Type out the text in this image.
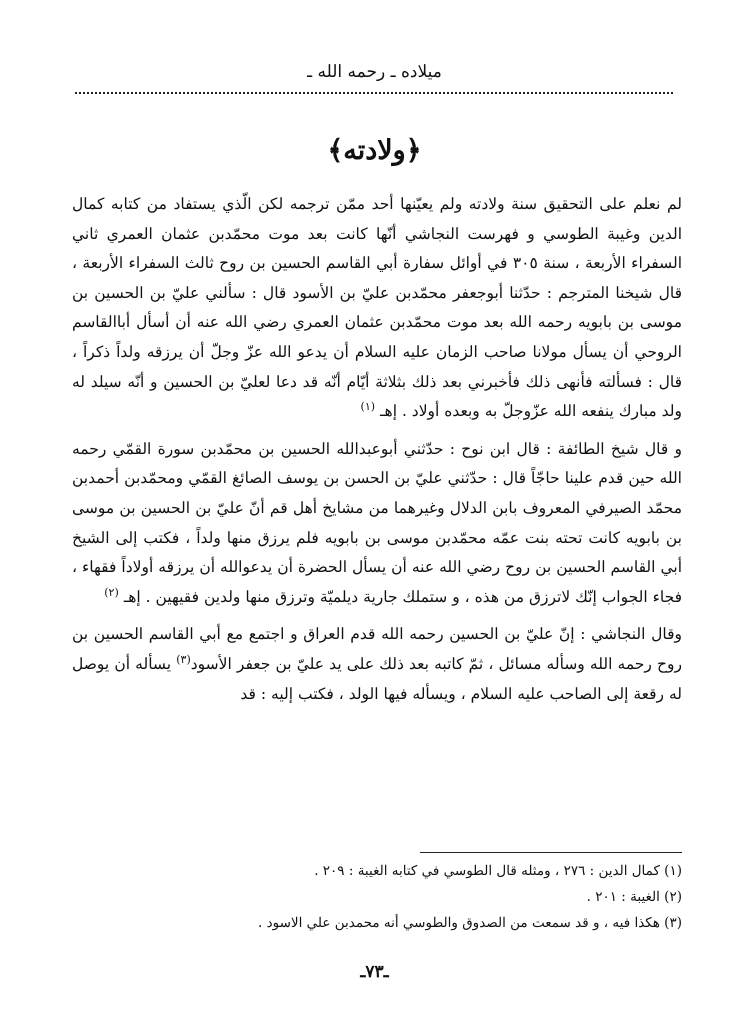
ميلاده ـ رحمه الله ـ
﴿ولادته﴾

لم نعلم على التحقيق سنة ولادته ولم يعيّنها أحد ممّن ترجمه لكن الّذي يستفاد من كتابه كمال الدين وغيبة الطوسي و فهرست النجاشي أنّها كانت بعد موت محمّدبن عثمان العمري ثاني السفراء الأربعة ، سنة ٣٠٥ في أوائل سفارة أبي القاسم الحسين بن روح ثالث السفراء الأربعة ، قال شيخنا المترجم : حدّثنا أبوجعفر محمّدبن عليّ بن الأسود قال : سألني عليّ بن الحسين بن موسى بن بابويه رحمه الله بعد موت محمّدبن عثمان العمري رضي الله عنه أن أسأل أباالقاسم الروحي أن يسأل مولانا صاحب الزمان عليه السلام أن يدعو الله عزّ وجلّ أن يرزقه ولداً ذكراً ، قال : فسألته فأنهى ذلك فأخبرني بعد ذلك بثلاثة أيّام أنّه قد دعا لعليّ بن الحسين و أنّه سيلد له ولد مبارك ينفعه الله عزّوجلّ به وبعده أولاد . إهـ $^{(١)}$

و قال شيخ الطائفة : قال ابن نوح : حدّثني أبوعبدالله الحسين بن محمّدبن سورة القمّي رحمه الله حين قدم علينا حاجّاً قال : حدّثني عليّ بن الحسن بن يوسف الصائغ القمّي ومحمّدبن أحمدبن محمّد الصيرفي المعروف بابن الدلال وغيرهما من مشايخ أهل قم أنّ عليّ بن الحسين بن موسى بن بابويه كانت تحته بنت عمّه محمّدبن موسى بن بابويه فلم يرزق منها ولداً ، فكتب إلى الشيخ أبي القاسم الحسين بن روح رضي الله عنه أن يسأل الحضرة أن يدعوالله أن يرزقه أولاداً فقهاء ، فجاء الجواب إنّك لاترزق من هذه ، و ستملك جارية ديلميّة وترزق منها ولدين فقيهين . إهـ $^{(٢)}$

وقال النجاشي : إنّ عليّ بن الحسين رحمه الله قدم العراق و اجتمع مع أبي القاسم الحسين بن روح رحمه الله وسأله مسائل ، ثمّ كاتبه بعد ذلك على يد عليّ بن جعفر الأسود$^{(٣)}$ يسأله أن يوصل له رقعة إلى الصاحب عليه السلام ، ويسأله فيها الولد ، فكتب إليه : قد

(١) كمال الدين : ٢٧٦ ، ومثله قال الطوسي في كتابه الغيبة : ٢٠٩ .
(٢) الغيبة : ٢٠١ .
(٣) هكذا فيه ، و قد سمعت من الصدوق والطوسي أنه محمدبن علي الاسود .
ـ٧٣ـ
